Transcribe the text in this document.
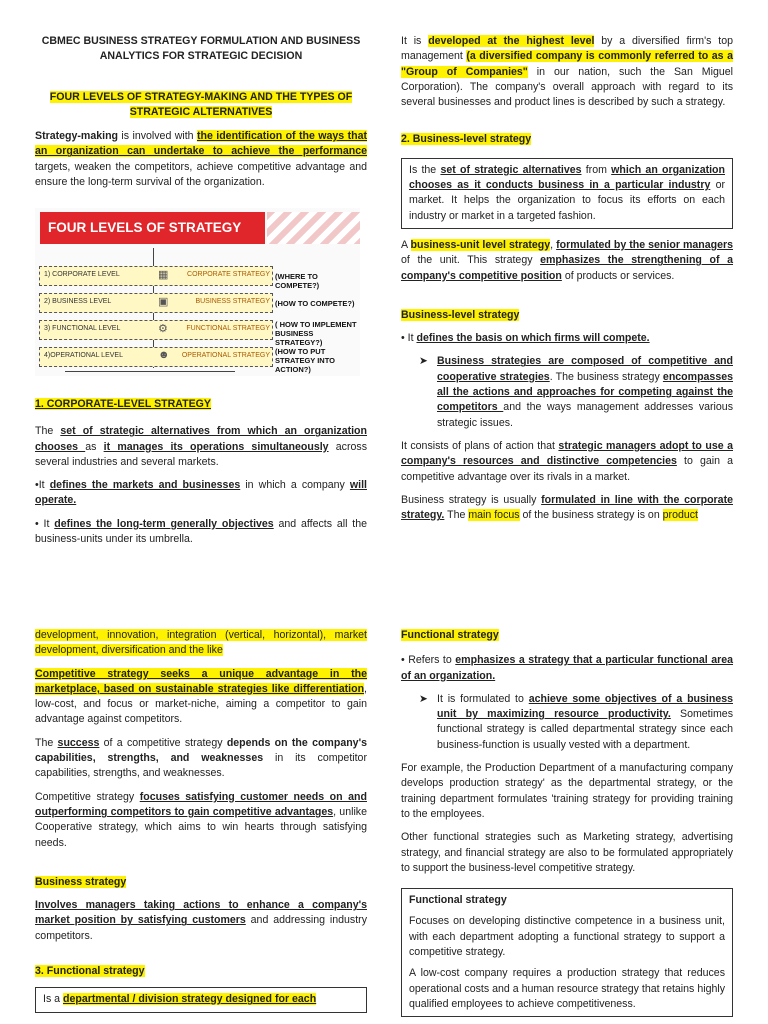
CBMEC BUSINESS STRATEGY FORMULATION AND BUSINESS
ANALYTICS FOR STRATEGIC DECISION
FOUR LEVELS OF STRATEGY-MAKING AND THE TYPES OF
STRATEGIC ALTERNATIVES

Strategy-making is involved with the identification of the ways that an organization can undertake to achieve the performance targets, weaken the competitors, achieve competitive advantage and ensure the long-term survival of the organization.

FOUR LEVELS OF STRATEGY
1) CORPORATE LEVEL	▦	CORPORATE STRATEGY (WHERE TO COMPETE?)
2) BUSINESS LEVEL	▣	BUSINESS STRATEGY (HOW TO COMPETE?)
3) FUNCTIONAL LEVEL	⚙	FUNCTIONAL STRATEGY ( HOW TO IMPLEMENT BUSINESS STRATEGY?)
4)OPERATIONAL LEVEL	☻	OPERATIONAL STRATEGY (HOW TO PUT STRATEGY INTO ACTION?)

1. CORPORATE-LEVEL STRATEGY

The set of strategic alternatives from which an organization chooses as it manages its operations simultaneously across several industries and several markets.

•It defines the markets and businesses in which a company will operate.

• It defines the long-term generally objectives and affects all the business-units under its umbrella.

It is developed at the highest level by a diversified firm's top management (a diversified company is commonly referred to as a "Group of Companies" in our nation, such the San Miguel Corporation). The company's overall approach with regard to its several businesses and product lines is described by such a strategy.

2. Business-level strategy

Is the set of strategic alternatives from which an organization chooses as it conducts business in a particular industry or market. It helps the organization to focus its efforts on each industry or market in a targeted fashion.

A business-unit level strategy, formulated by the senior managers of the unit. This strategy emphasizes the strengthening of a company's competitive position of products or services.

Business-level strategy

• It defines the basis on which firms will compete.

➤ Business strategies are composed of competitive and cooperative strategies. The business strategy encompasses all the actions and approaches for competing against the competitors and the ways management addresses various strategic issues.

It consists of plans of action that strategic managers adopt to use a company's resources and distinctive competencies to gain a competitive advantage over its rivals in a market.

Business strategy is usually formulated in line with the corporate strategy. The main focus of the business strategy is on product

development, innovation, integration (vertical, horizontal), market development, diversification and the like

Competitive strategy seeks a unique advantage in the marketplace, based on sustainable strategies like differentiation, low-cost, and focus or market-niche, aiming a competitor to gain advantage against competitors.

The success of a competitive strategy depends on the company's capabilities, strengths, and weaknesses in its competitor capabilities, strengths, and weaknesses.

Competitive strategy focuses satisfying customer needs on and outperforming competitors to gain competitive advantages, unlike Cooperative strategy, which aims to win hearts through satisfying needs.

Business strategy

Involves managers taking actions to enhance a company's market position by satisfying customers and addressing industry competitors.

3. Functional strategy

Is a departmental / division strategy designed for each

Functional strategy

• Refers to emphasizes a strategy that a particular functional area of an organization.

➤ It is formulated to achieve some objectives of a business unit by maximizing resource productivity. Sometimes functional strategy is called departmental strategy since each business-function is usually vested with a department.

For example, the Production Department of a manufacturing company develops production strategy' as the departmental strategy, or the training department formulates 'training strategy for providing training to the employees.

Other functional strategies such as Marketing strategy, advertising strategy, and financial strategy are also to be formulated appropriately to support the business-level competitive strategy.

Functional strategy

Focuses on developing distinctive competence in a business unit, with each department adopting a functional strategy to support a competitive strategy.

A low-cost company requires a production strategy that reduces operational costs and a human resource strategy that retains highly qualified employees to achieve competitiveness.
